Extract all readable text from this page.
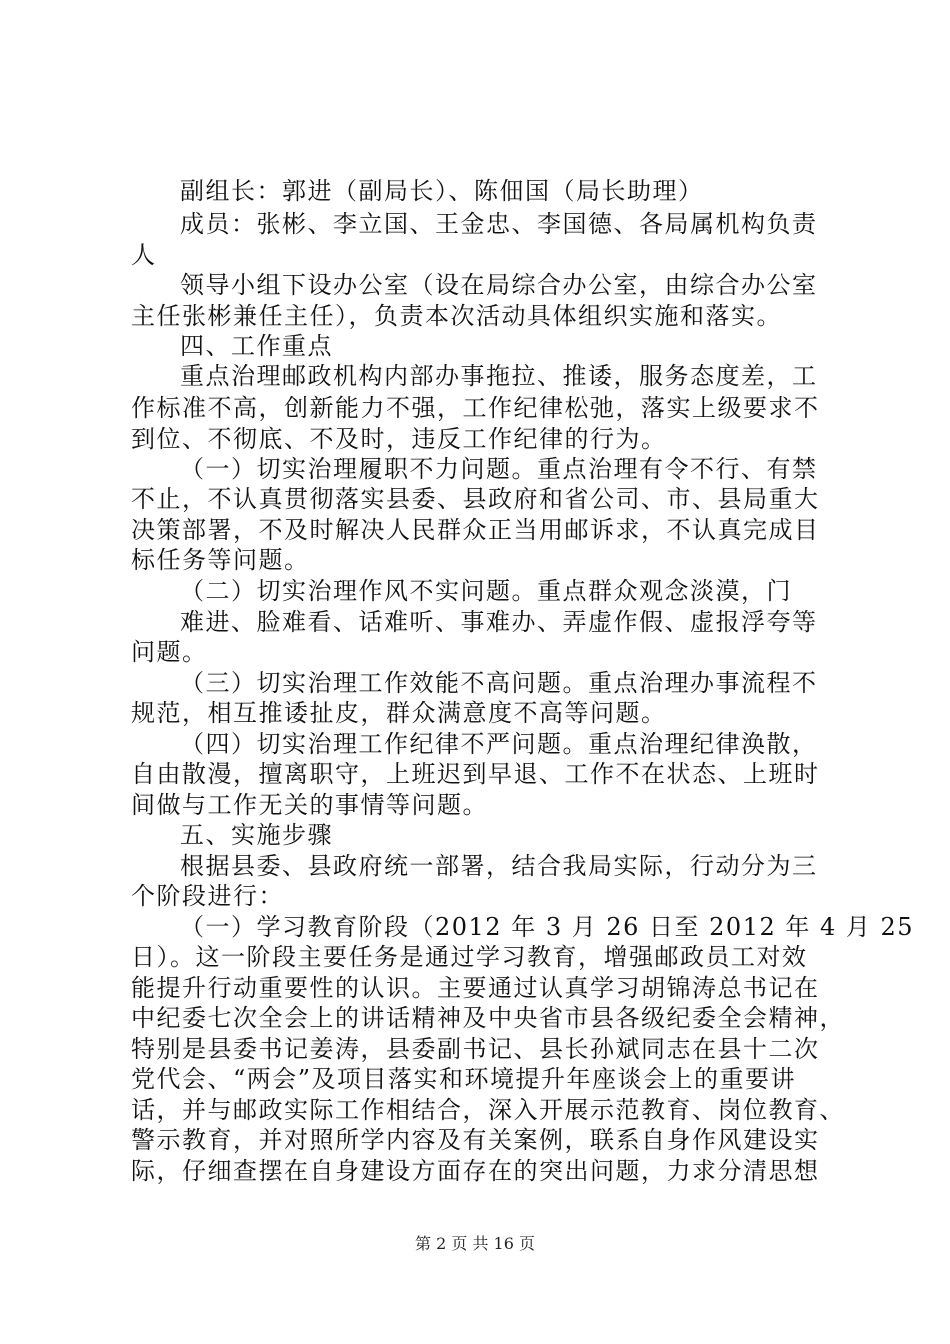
副组长：郭进（副局长）、陈佃国（局长助理）
成员：张彬、李立国、王金忠、李国德、各局属机构负责
人
领导小组下设办公室（设在局综合办公室，由综合办公室
主任张彬兼任主任），负责本次活动具体组织实施和落实。
四、工作重点
重点治理邮政机构内部办事拖拉、推诿，服务态度差，工
作标准不高，创新能力不强，工作纪律松弛，落实上级要求不
到位、不彻底、不及时，违反工作纪律的行为。
（一）切实治理履职不力问题。重点治理有令不行、有禁
不止，不认真贯彻落实县委、县政府和省公司、市、县局重大
决策部署，不及时解决人民群众正当用邮诉求，不认真完成目
标任务等问题。
（二）切实治理作风不实问题。重点群众观念淡漠，门
难进、脸难看、话难听、事难办、弄虚作假、虚报浮夸等
问题。
（三）切实治理工作效能不高问题。重点治理办事流程不
规范，相互推诿扯皮，群众满意度不高等问题。
（四）切实治理工作纪律不严问题。重点治理纪律涣散，
自由散漫，擅离职守，上班迟到早退、工作不在状态、上班时
间做与工作无关的事情等问题。
五、实施步骤
根据县委、县政府统一部署，结合我局实际，行动分为三
个阶段进行：
（一）学习教育阶段（2012 年 3 月 26 日至 2012 年 4 月 25
日）。这一阶段主要任务是通过学习教育，增强邮政员工对效
能提升行动重要性的认识。主要通过认真学习胡锦涛总书记在
中纪委七次全会上的讲话精神及中央省市县各级纪委全会精神，
特别是县委书记姜涛，县委副书记、县长孙斌同志在县十二次
党代会、“两会”及项目落实和环境提升年座谈会上的重要讲
话，并与邮政实际工作相结合，深入开展示范教育、岗位教育、
警示教育，并对照所学内容及有关案例，联系自身作风建设实
际，仔细查摆在自身建设方面存在的突出问题，力求分清思想
第 2 页 共 16 页
